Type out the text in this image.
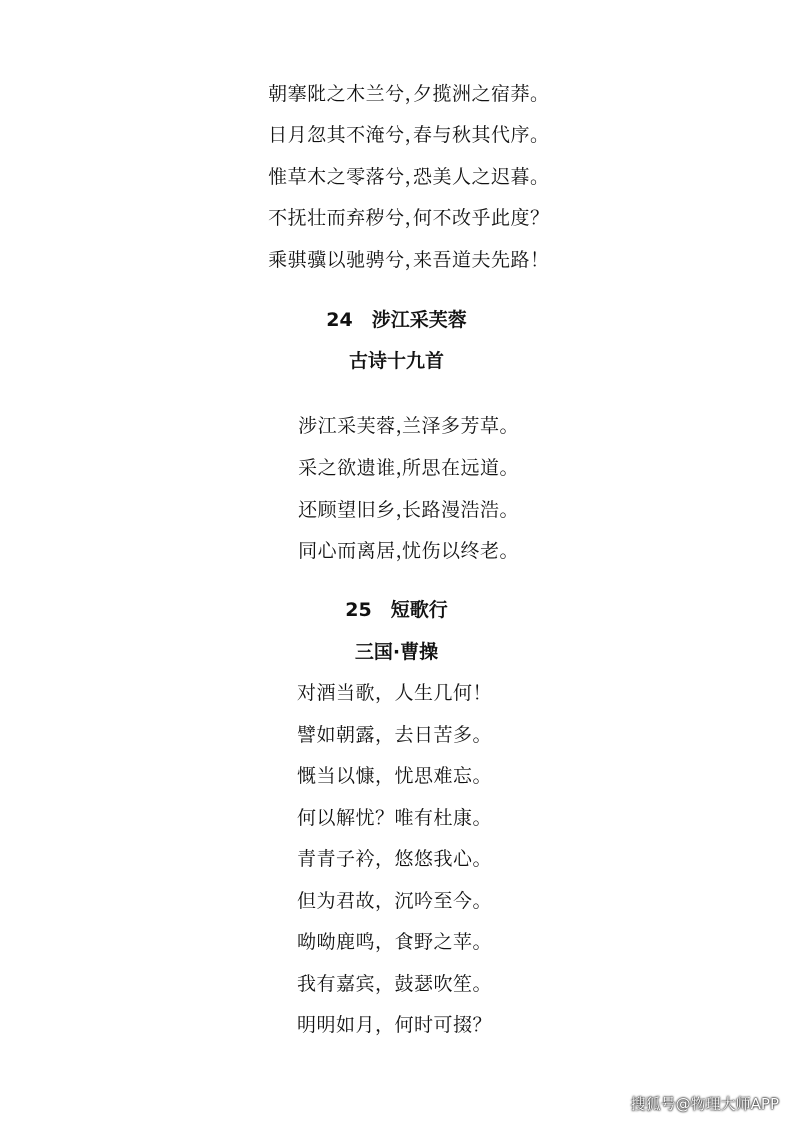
朝搴阰之木兰兮，
夕揽洲之宿莽。

日月忽其不淹兮，
春与秋其代序。

惟草木之零落兮，
恐美人之迟暮。

不抚壮而弃秽兮，
何不改乎此度？

乘骐骥以驰骋兮，
来吾道夫先路！

24　涉江采芙蓉
古诗十九首

涉江采芙蓉，
兰泽多芳草。

采之欲遗谁，
所思在远道。

还顾望旧乡，
长路漫浩浩。

同心而离居，
忧伤以终老。

25　短歌行
三国·曹操
对酒当歌，人生几何！
譬如朝露，去日苦多。
慨当以慷，忧思难忘。
何以解忧？唯有杜康。
青青子衿，悠悠我心。
但为君故，沉吟至今。
呦呦鹿鸣，食野之苹。
我有嘉宾，鼓瑟吹笙。
明明如月，何时可掇？
搜狐号@物理大师APP
